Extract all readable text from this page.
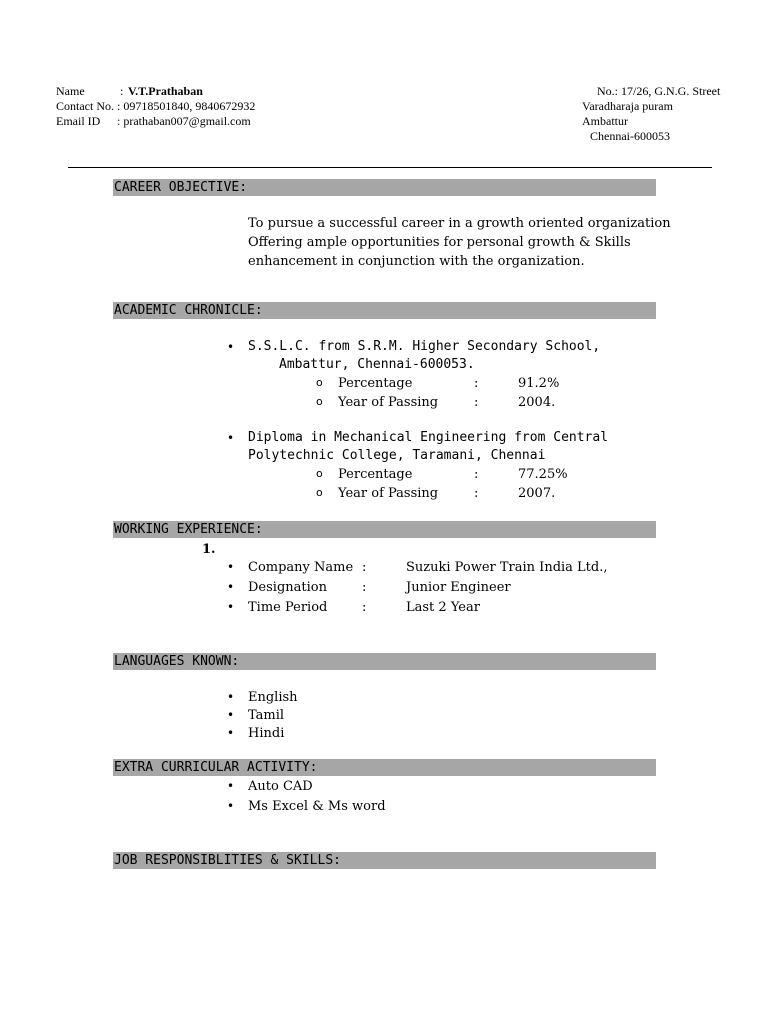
Name	: V.T.Prathaban
Contact No. : 09718501840, 9840672932
Email ID : prathaban007@gmail.com
No.: 17/26, G.N.G. Street
Varadharaja puram
Ambattur
Chennai-600053
CAREER OBJECTIVE:
To pursue a successful career in a growth oriented organization
Offering ample opportunities for personal growth & Skills
enhancement in conjunction with the organization.
ACADEMIC CHRONICLE:
• S.S.L.C. from S.R.M. Higher Secondary School,
Ambattur, Chennai-600053.
o Percentage	:	91.2%
o Year of Passing	:	2004.
• Diploma in Mechanical Engineering from Central
Polytechnic College, Taramani, Chennai
o Percentage	:	77.25%
o Year of Passing	:	2007.
WORKING EXPERIENCE:
1.
• Company Name :	Suzuki Power Train India Ltd.,
• Designation	:	Junior Engineer
• Time Period	:	Last 2 Year
LANGUAGES KNOWN:
• English
• Tamil
• Hindi
EXTRA CURRICULAR ACTIVITY:
• Auto CAD
• Ms Excel & Ms word
JOB RESPONSIBLITIES & SKILLS:
